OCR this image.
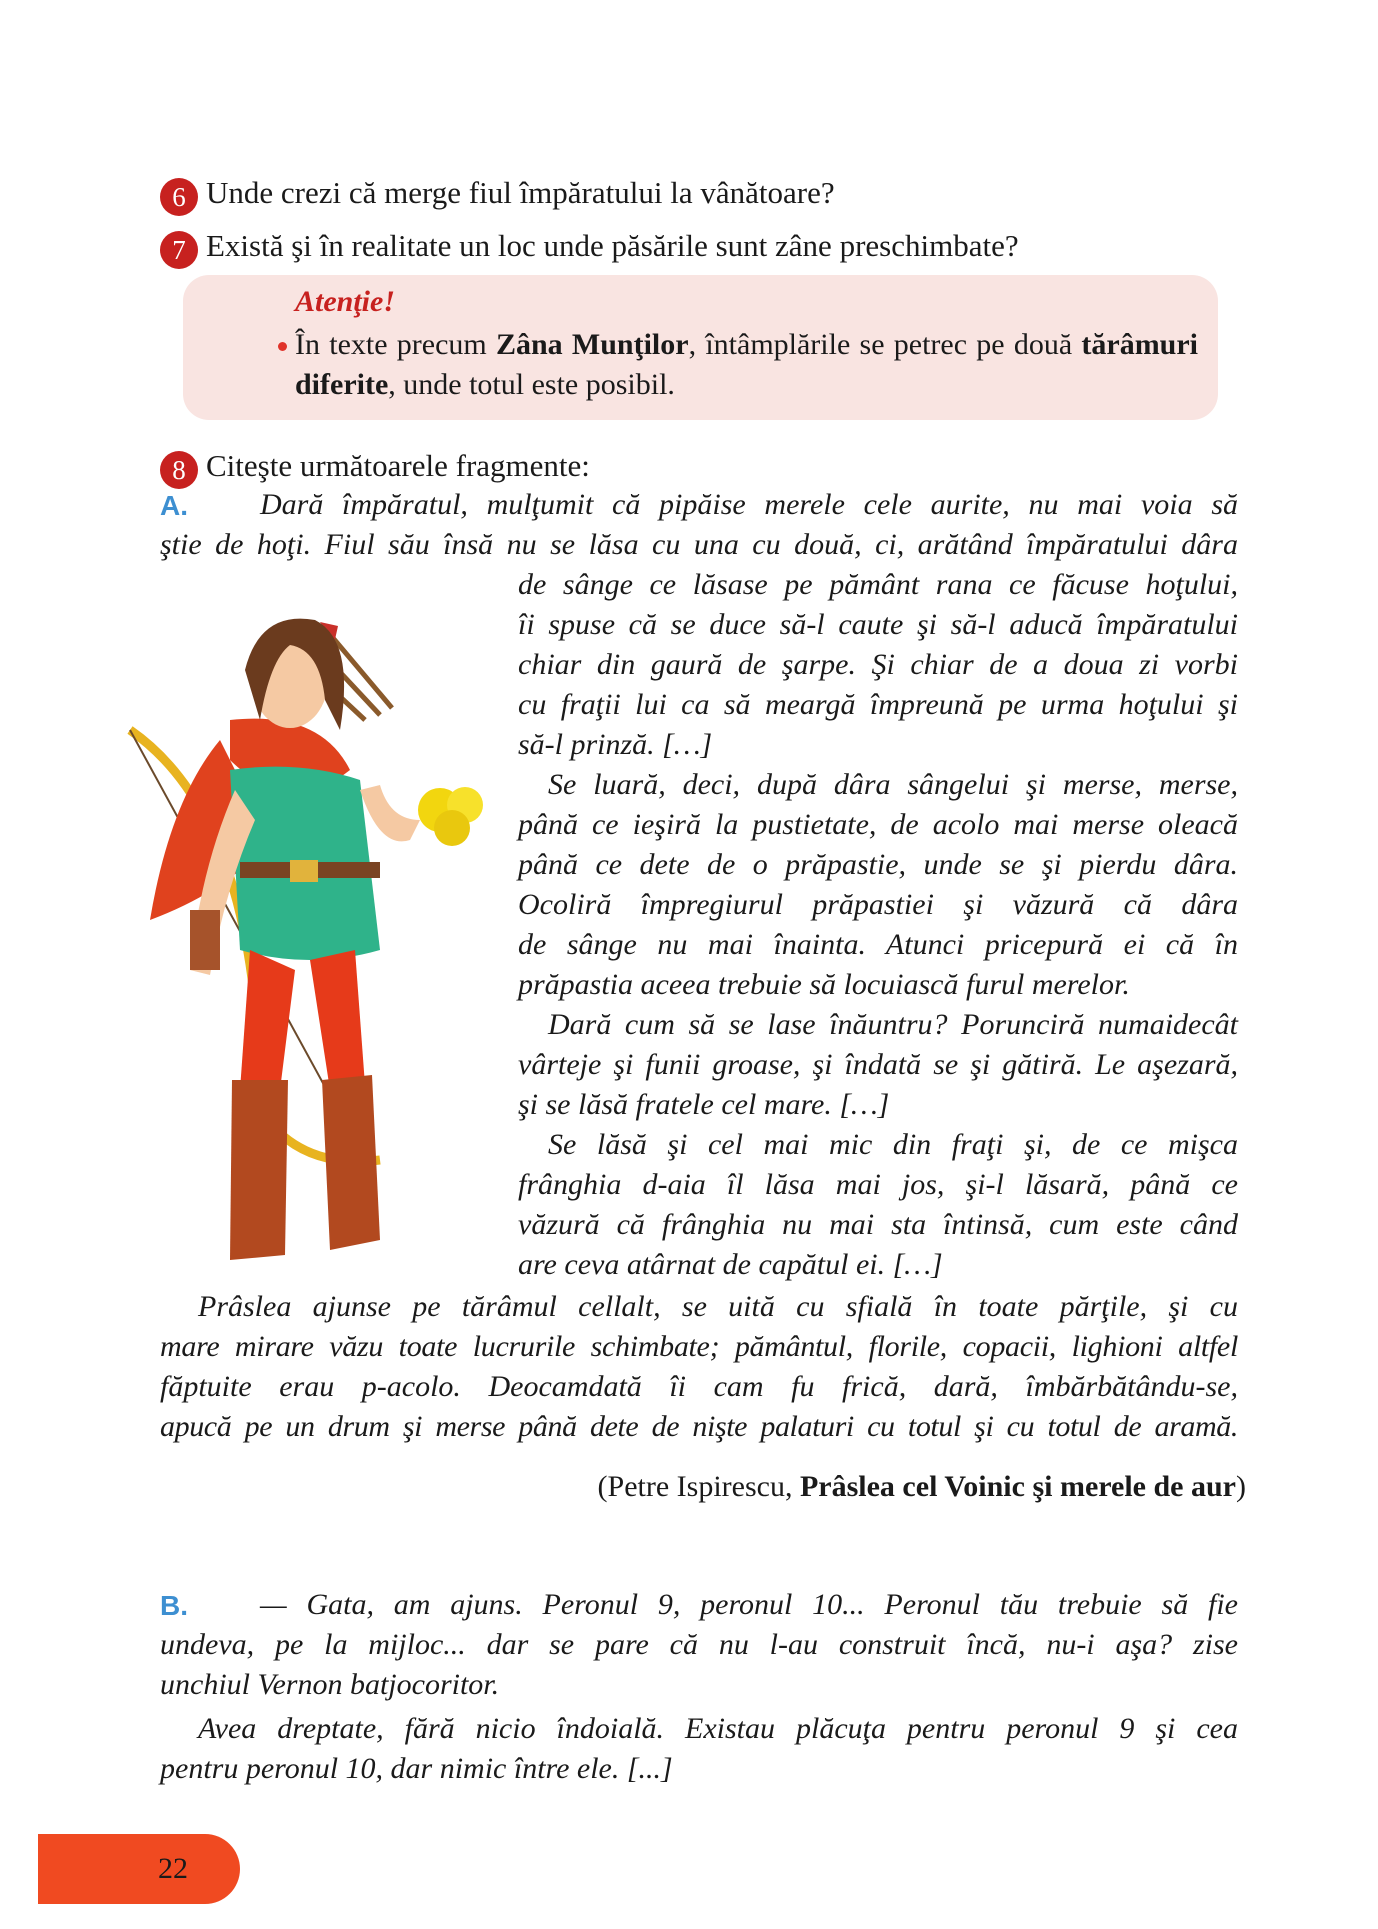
6 Unde crezi că merge fiul împăratului la vânătoare?
7 Există şi în realitate un loc unde păsările sunt zâne preschimbate?
Atenţie!
În texte precum Zâna Munţilor, întâmplările se petrec pe două tărâmuri diferite, unde totul este posibil.
8 Citeşte următoarele fragmente:
A. Dară împăratul, mulţumit că pipăise merele cele aurite, nu mai voia să
ştie de hoţi. Fiul său însă nu se lăsa cu una cu două, ci, arătând împăratului dâra
de sânge ce lăsase pe pământ rana ce făcuse hoţului,
îi spuse că se duce să-l caute şi să-l aducă împăratului
chiar din gaură de şarpe. Şi chiar de a doua zi vorbi
cu fraţii lui ca să meargă împreună pe urma hoţului şi
să-l prinză. […]
Se luară, deci, după dâra sângelui şi merse, merse,
până ce ieşiră la pustietate, de acolo mai merse oleacă
până ce dete de o prăpastie, unde se şi pierdu dâra.
Ocoliră împregiurul prăpastiei şi văzură că dâra
de sânge nu mai înainta. Atunci pricepură ei că în
prăpastia aceea trebuie să locuiască furul merelor.
Dară cum să se lase înăuntru? Porunciră numaidecât
vârteje şi funii groase, şi îndată se şi gătiră. Le aşezară,
şi se lăsă fratele cel mare. […]
Se lăsă şi cel mai mic din fraţi şi, de ce mişca
frânghia d-aia îl lăsa mai jos, şi-l lăsară, până ce
văzură că frânghia nu mai sta întinsă, cum este când
are ceva atârnat de capătul ei. […]
Prâslea ajunse pe tărâmul cellalt, se uită cu sfială în toate părţile, şi cu
mare mirare văzu toate lucrurile schimbate; pământul, florile, copacii, lighioni altfel
făptuite erau p-acolo. Deocamdată îi cam fu frică, dară, îmbărbătându-se,
apucă pe un drum şi merse până dete de nişte palaturi cu totul şi cu totul de aramă.
(Petre Ispirescu, Prâslea cel Voinic şi merele de aur)
B. — Gata, am ajuns. Peronul 9, peronul 10... Peronul tău trebuie să fie
undeva, pe la mijloc... dar se pare că nu l-au construit încă, nu-i aşa? zise
unchiul Vernon batjocoritor.
Avea dreptate, fără nicio îndoială. Existau plăcuţa pentru peronul 9 şi cea
pentru peronul 10, dar nimic între ele. [...]
22
